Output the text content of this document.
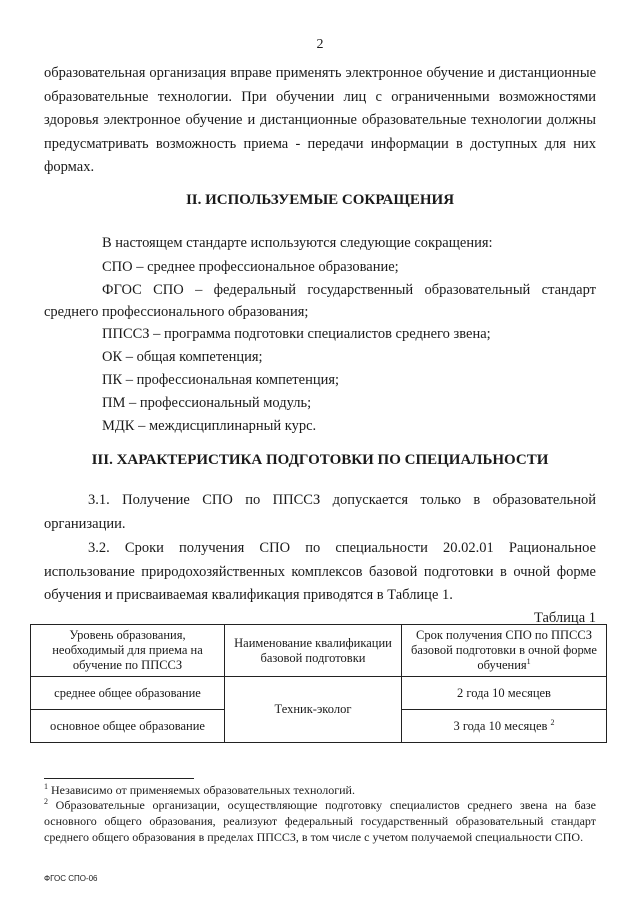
2

образовательная организация вправе применять электронное обучение и дистанционные образовательные технологии. При обучении лиц с ограниченными возможностями здоровья электронное обучение и дистанционные образовательные технологии должны предусматривать возможность приема - передачи информации в доступных для них формах.

II. ИСПОЛЬЗУЕМЫЕ СОКРАЩЕНИЯ

В настоящем стандарте используются следующие сокращения:

СПО – среднее профессиональное образование;

ФГОС СПО – федеральный государственный образовательный стандарт среднего профессионального образования;

ППССЗ – программа подготовки специалистов среднего звена;

ОК – общая компетенция;

ПК – профессиональная компетенция;

ПМ – профессиональный модуль;

МДК – междисциплинарный курс.

III. ХАРАКТЕРИСТИКА ПОДГОТОВКИ ПО СПЕЦИАЛЬНОСТИ

3.1. Получение СПО по ППССЗ допускается только в образовательной организации.

3.2. Сроки получения СПО по специальности 20.02.01 Рациональное использование природохозяйственных комплексов базовой подготовки в очной форме обучения и присваиваемая квалификация приводятся в Таблице 1.

Таблица 1
Уровень образования, необходимый для приема на обучение по ППССЗ	Наименование квалификации базовой подготовки	Срок получения СПО по ППССЗ базовой подготовки в очной форме обучения$^1$
среднее общее образование	Техник-эколог	2 года 10 месяцев
основное общее образование		3 года 10 месяцев $^2$

$^1$ Независимо от применяемых образовательных технологий.

$^2$ Образовательные организации, осуществляющие подготовку специалистов среднего звена на базе основного общего образования, реализуют федеральный государственный образовательный стандарт среднего общего образования в пределах ППССЗ, в том числе с учетом получаемой специальности СПО.

ФГОС СПО-06
